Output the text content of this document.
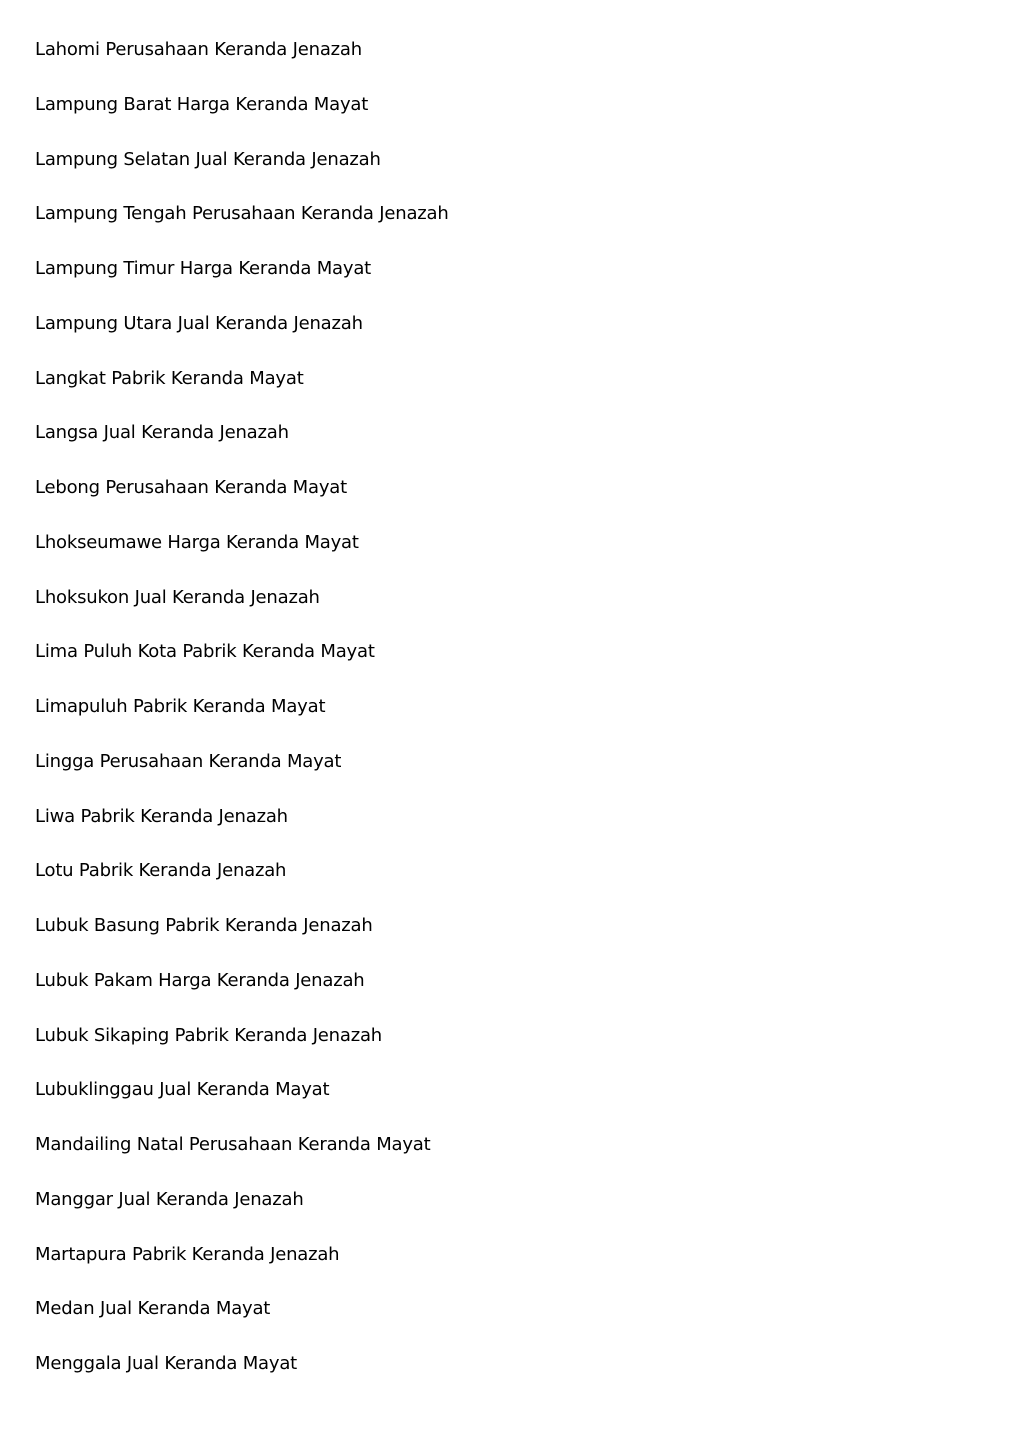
Lahomi Perusahaan Keranda Jenazah
Lampung Barat Harga Keranda Mayat
Lampung Selatan Jual Keranda Jenazah
Lampung Tengah Perusahaan Keranda Jenazah
Lampung Timur Harga Keranda Mayat
Lampung Utara Jual Keranda Jenazah
Langkat Pabrik Keranda Mayat
Langsa Jual Keranda Jenazah
Lebong Perusahaan Keranda Mayat
Lhokseumawe Harga Keranda Mayat
Lhoksukon Jual Keranda Jenazah
Lima Puluh Kota Pabrik Keranda Mayat
Limapuluh Pabrik Keranda Mayat
Lingga Perusahaan Keranda Mayat
Liwa Pabrik Keranda Jenazah
Lotu Pabrik Keranda Jenazah
Lubuk Basung Pabrik Keranda Jenazah
Lubuk Pakam Harga Keranda Jenazah
Lubuk Sikaping Pabrik Keranda Jenazah
Lubuklinggau Jual Keranda Mayat
Mandailing Natal Perusahaan Keranda Mayat
Manggar Jual Keranda Jenazah
Martapura Pabrik Keranda Jenazah
Medan Jual Keranda Mayat
Menggala Jual Keranda Mayat
